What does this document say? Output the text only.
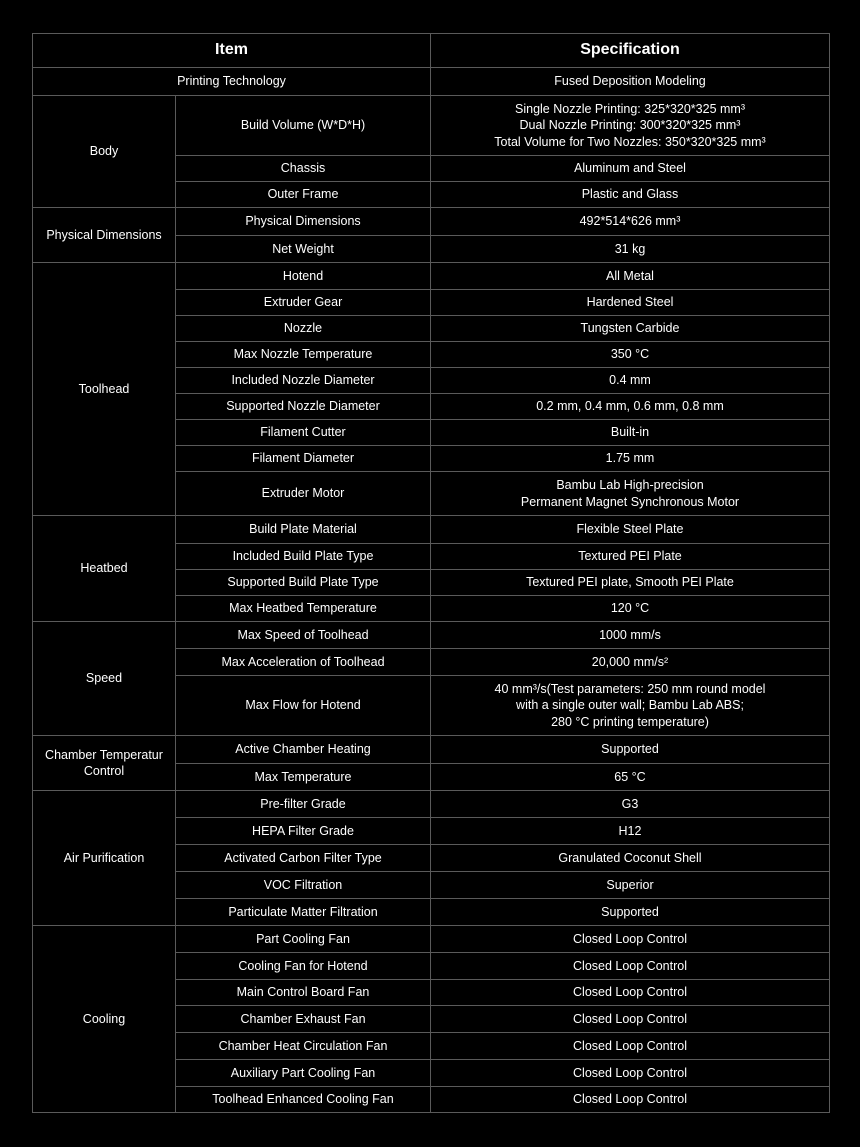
Item		Specification
Printing Technology		Fused Deposition Modeling
Body	Build Volume (W*D*H)	Single Nozzle Printing: 325*320*325 mm³
Dual Nozzle Printing: 300*320*325 mm³
Total Volume for Two Nozzles: 350*320*325 mm³
	Chassis	Aluminum and Steel
	Outer Frame	Plastic and Glass
Physical Dimensions	Physical Dimensions	492*514*626 mm³
	Net Weight	31 kg
Toolhead	Hotend	All Metal
	Extruder Gear	Hardened Steel
	Nozzle	Tungsten Carbide
	Max Nozzle Temperature	350 °C
	Included Nozzle Diameter	0.4 mm
	Supported Nozzle Diameter	0.2 mm, 0.4 mm, 0.6 mm, 0.8 mm
	Filament Cutter	Built-in
	Filament Diameter	1.75 mm
	Extruder Motor	Bambu Lab High-precision
Permanent Magnet Synchronous Motor
Heatbed	Build Plate Material	Flexible Steel Plate
	Included Build Plate Type	Textured PEI Plate
	Supported Build Plate Type	Textured PEI plate, Smooth PEI Plate
	Max Heatbed Temperature	120 °C
Speed	Max Speed of Toolhead	1000 mm/s
	Max Acceleration of Toolhead	20,000 mm/s²
	Max Flow for Hotend	40 mm³/s(Test parameters: 250 mm round model
with a single outer wall; Bambu Lab ABS;
280 °C printing temperature)
Chamber Temperatur Control	Active Chamber Heating	Supported
	Max Temperature	65 °C
Air Purification	Pre-filter Grade	G3
	HEPA Filter Grade	H12
	Activated Carbon Filter Type	Granulated Coconut Shell
	VOC Filtration	Superior
	Particulate Matter Filtration	Supported
Cooling	Part Cooling Fan	Closed Loop Control
	Cooling Fan for Hotend	Closed Loop Control
	Main Control Board Fan	Closed Loop Control
	Chamber Exhaust Fan	Closed Loop Control
	Chamber Heat Circulation Fan	Closed Loop Control
	Auxiliary Part Cooling Fan	Closed Loop Control
	Toolhead Enhanced Cooling Fan	Closed Loop Control
